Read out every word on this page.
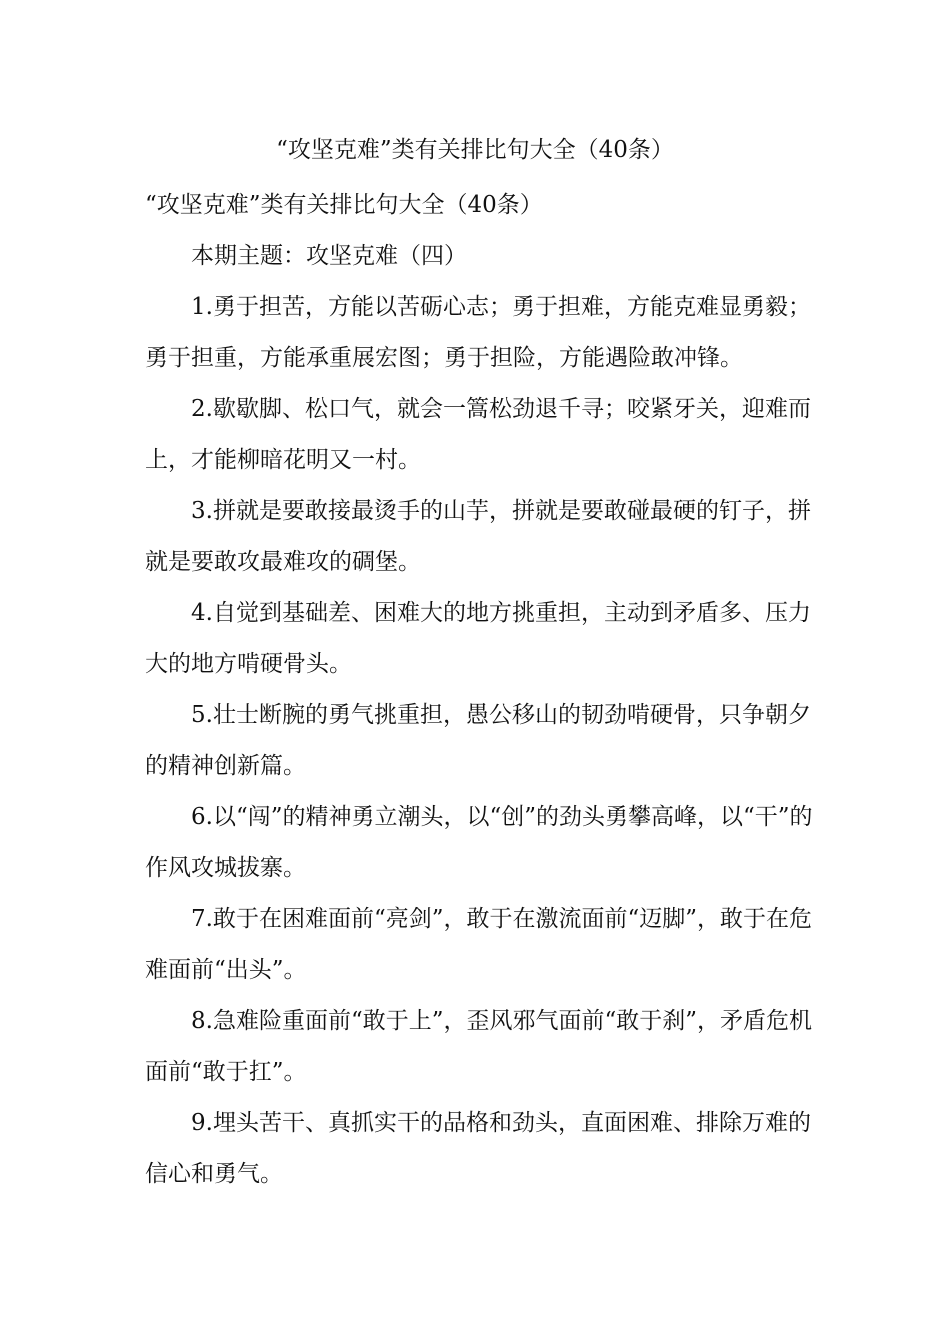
“攻坚克难”类有关排比句大全（40条）

“攻坚克难”类有关排比句大全（40条）

本期主题：攻坚克难（四）

1.勇于担苦，方能以苦砺心志；勇于担难，方能克难显勇毅；勇于担重，方能承重展宏图；勇于担险，方能遇险敢冲锋。

2.歇歇脚、松口气，就会一篙松劲退千寻；咬紧牙关，迎难而上，才能柳暗花明又一村。

3.拼就是要敢接最烫手的山芋，拼就是要敢碰最硬的钉子，拼就是要敢攻最难攻的碉堡。

4.自觉到基础差、困难大的地方挑重担，主动到矛盾多、压力大的地方啃硬骨头。

5.壮士断腕的勇气挑重担，愚公移山的韧劲啃硬骨，只争朝夕的精神创新篇。

6.以“闯”的精神勇立潮头，以“创”的劲头勇攀高峰，以“干”的作风攻城拔寨。

7.敢于在困难面前“亮剑”，敢于在激流面前“迈脚”，敢于在危难面前“出头”。

8.急难险重面前“敢于上”，歪风邪气面前“敢于刹”，矛盾危机面前“敢于扛”。

9.埋头苦干、真抓实干的品格和劲头，直面困难、排除万难的信心和勇气。
